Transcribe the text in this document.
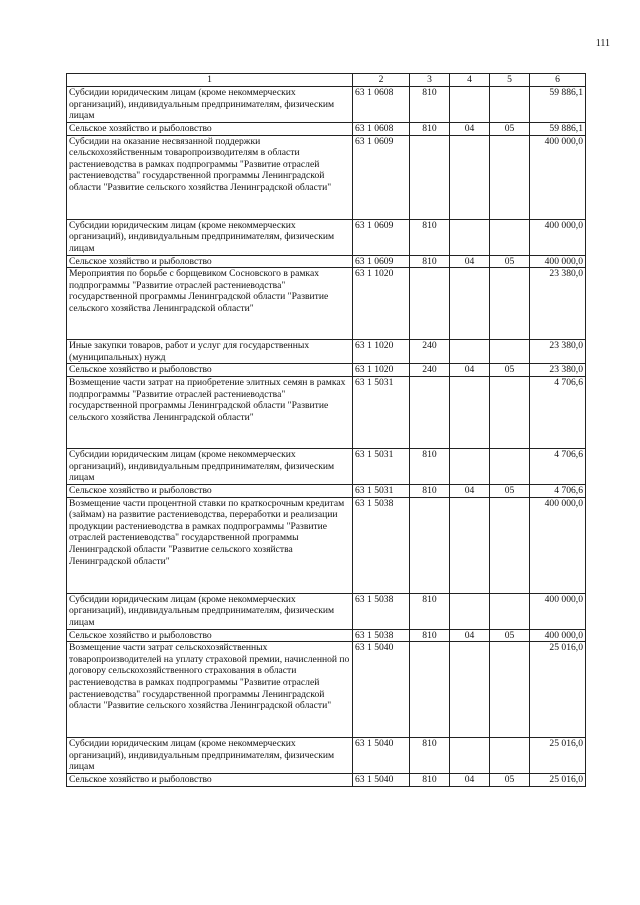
111
1	2	3	4	5	6
Субсидии юридическим лицам (кроме некоммерческих организаций), индивидуальным предпринимателям, физическим лицам	63 1 0608	810			59 886,1
Сельское хозяйство и рыболовство	63 1 0608	810	04	05	59 886,1
Субсидии на оказание несвязанной поддержки сельскохозяйственным товаропроизводителям в области растениеводства в рамках подпрограммы "Развитие отраслей растениеводства" государственной программы Ленинградской области "Развитие сельского хозяйства Ленинградской области"	63 1 0609				400 000,0
Субсидии юридическим лицам (кроме некоммерческих организаций), индивидуальным предпринимателям, физическим лицам	63 1 0609	810			400 000,0
Сельское хозяйство и рыболовство	63 1 0609	810	04	05	400 000,0
Мероприятия по борьбе с борщевиком Сосновского в рамках подпрограммы "Развитие отраслей растениеводства" государственной программы Ленинградской области "Развитие сельского хозяйства Ленинградской области"	63 1 1020				23 380,0
Иные закупки товаров, работ и услуг для государственных (муниципальных) нужд	63 1 1020	240			23 380,0
Сельское хозяйство и рыболовство	63 1 1020	240	04	05	23 380,0
Возмещение части затрат на приобретение элитных семян в рамках подпрограммы "Развитие отраслей растениеводства" государственной программы Ленинградской области "Развитие сельского хозяйства Ленинградской области"	63 1 5031				4 706,6
Субсидии юридическим лицам (кроме некоммерческих организаций), индивидуальным предпринимателям, физическим лицам	63 1 5031	810			4 706,6
Сельское хозяйство и рыболовство	63 1 5031	810	04	05	4 706,6
Возмещение части процентной ставки по краткосрочным кредитам (займам) на развитие растениеводства, переработки и реализации продукции растениеводства в рамках подпрограммы "Развитие отраслей растениеводства" государственной программы Ленинградской области "Развитие сельского хозяйства Ленинградской области"	63 1 5038				400 000,0
Субсидии юридическим лицам (кроме некоммерческих организаций), индивидуальным предпринимателям, физическим лицам	63 1 5038	810			400 000,0
Сельское хозяйство и рыболовство	63 1 5038	810	04	05	400 000,0
Возмещение части затрат сельскохозяйственных товаропроизводителей на уплату страховой премии, начисленной по договору сельскохозяйственного страхования в области растениеводства в рамках подпрограммы "Развитие отраслей растениеводства" государственной программы Ленинградской области "Развитие сельского хозяйства Ленинградской области"	63 1 5040				25 016,0
Субсидии юридическим лицам (кроме некоммерческих организаций), индивидуальным предпринимателям, физическим лицам	63 1 5040	810			25 016,0
Сельское хозяйство и рыболовство	63 1 5040	810	04	05	25 016,0
